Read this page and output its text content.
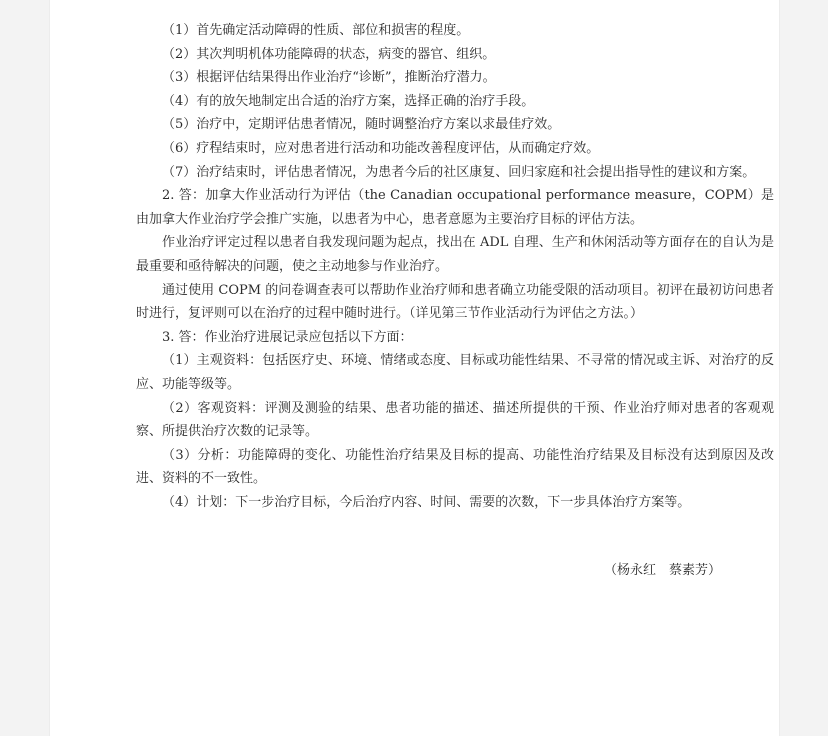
（1）首先确定活动障碍的性质、部位和损害的程度。

（2）其次判明机体功能障碍的状态，病变的器官、组织。

（3）根据评估结果得出作业治疗“诊断”，推断治疗潜力。

（4）有的放矢地制定出合适的治疗方案，选择正确的治疗手段。

（5）治疗中，定期评估患者情况，随时调整治疗方案以求最佳疗效。

（6）疗程结束时，应对患者进行活动和功能改善程度评估，从而确定疗效。

（7）治疗结束时，评估患者情况，为患者今后的社区康复、回归家庭和社会提出指导性的建议和方案。

2. 答：加拿大作业活动行为评估（the Canadian occupational performance measure，COPM）是由加拿大作业治疗学会推广实施，以患者为中心，患者意愿为主要治疗目标的评估方法。

作业治疗评定过程以患者自我发现问题为起点，找出在 ADL 自理、生产和休闲活动等方面存在的自认为是最重要和亟待解决的问题，使之主动地参与作业治疗。

通过使用 COPM 的问卷调查表可以帮助作业治疗师和患者确立功能受限的活动项目。初评在最初访问患者时进行，复评则可以在治疗的过程中随时进行。（详见第三节作业活动行为评估之方法。）

3. 答：作业治疗进展记录应包括以下方面：

（1）主观资料：包括医疗史、环境、情绪或态度、目标或功能性结果、不寻常的情况或主诉、对治疗的反应、功能等级等。

（2）客观资料：评测及测验的结果、患者功能的描述、描述所提供的干预、作业治疗师对患者的客观观察、所提供治疗次数的记录等。

（3）分析：功能障碍的变化、功能性治疗结果及目标的提高、功能性治疗结果及目标没有达到原因及改进、资料的不一致性。

（4）计划：下一步治疗目标，今后治疗内容、时间、需要的次数，下一步具体治疗方案等。

（杨永红　蔡素芳）
